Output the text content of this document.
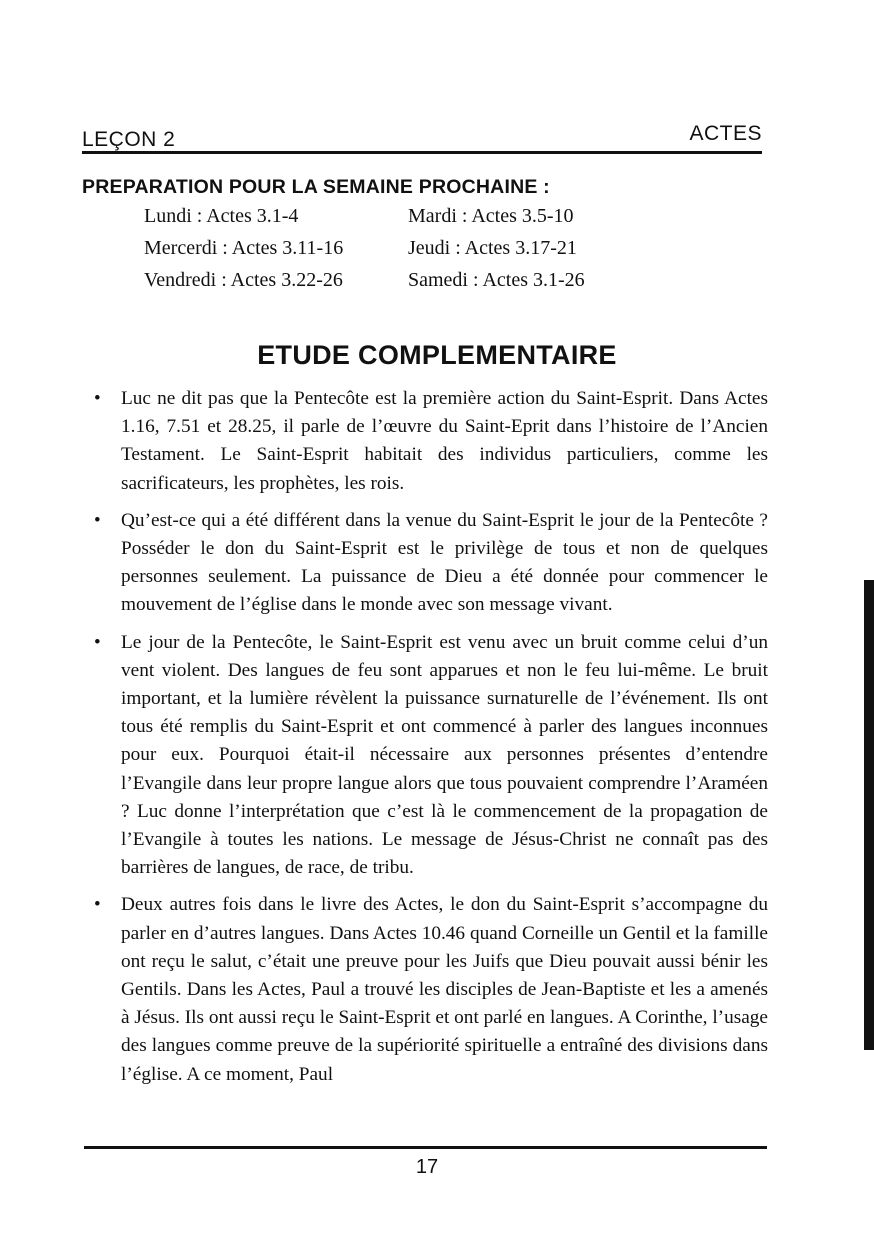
LEÇON 2	ACTES
PREPARATION POUR LA SEMAINE PROCHAINE :
Lundi : Actes 3.1-4	Mardi : Actes 3.5-10
Mercerdi : Actes 3.11-16	Jeudi : Actes 3.17-21
Vendredi : Actes 3.22-26	Samedi : Actes 3.1-26
ETUDE COMPLEMENTAIRE
• Luc ne dit pas que la Pentecôte est la première action du Saint-Esprit. Dans Actes 1.16, 7.51 et 28.25, il parle de l’œuvre du Saint-Eprit dans l’histoire de l’Ancien Testament. Le Saint-Esprit habitait des individus particuliers, comme les sacrificateurs, les prophètes, les rois.
• Qu’est-ce qui a été différent dans la venue du Saint-Esprit le jour de la Pentecôte ? Posséder le don du Saint-Esprit est le privilège de tous et non de quelques personnes seulement. La puissance de Dieu a été donnée pour commencer le mouvement de l’église dans le monde avec son message vivant.
• Le jour de la Pentecôte, le Saint-Esprit est venu avec un bruit comme celui d’un vent violent. Des langues de feu sont apparues et non le feu lui-même. Le bruit important, et la lumière révèlent la puissance surnaturelle de l’événement. Ils ont tous été remplis du Saint-Esprit et ont commencé à parler des langues inconnues pour eux. Pourquoi était-il nécessaire aux personnes présentes d’entendre l’Evangile dans leur propre langue alors que tous pouvaient comprendre l’Araméen ? Luc donne l’interprétation que c’est là le commencement de la propagation de l’Evangile à toutes les nations. Le message de Jésus-Christ ne connaît pas des barrières de langues, de race, de tribu.
• Deux autres fois dans le livre des Actes, le don du Saint-Esprit s’accompagne du parler en d’autres langues. Dans Actes 10.46 quand Corneille un Gentil et la famille ont reçu le salut, c’était une preuve pour les Juifs que Dieu pouvait aussi bénir les Gentils. Dans les Actes, Paul a trouvé les disciples de Jean-Baptiste et les a amenés à Jésus. Ils ont aussi reçu le Saint-Esprit et ont parlé en langues. A Corinthe, l’usage des langues comme preuve de la supériorité spirituelle a entraîné des divisions dans l’église. A ce moment, Paul
17
